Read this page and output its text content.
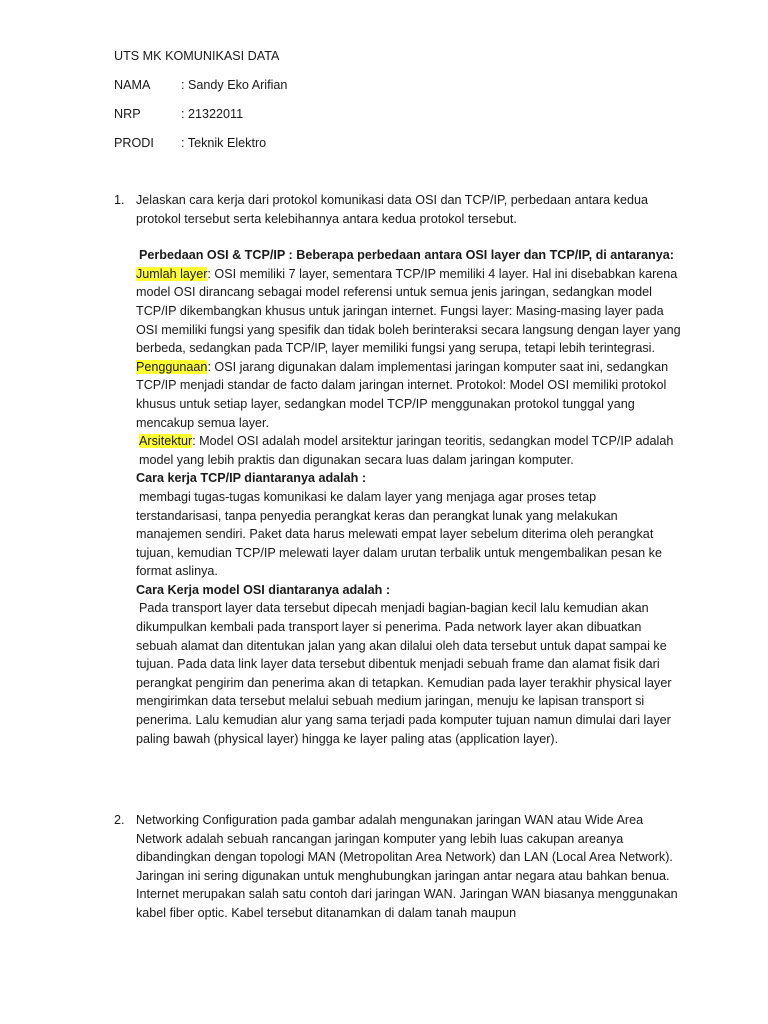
UTS MK KOMUNIKASI DATA
NAMA	: Sandy Eko Arifian
NRP	: 21322011
PRODI	: Teknik Elektro
1. Jelaskan cara kerja dari protokol komunikasi data OSI dan TCP/IP, perbedaan antara kedua protokol tersebut serta kelebihannya antara kedua protokol tersebut.

Perbedaan OSI & TCP/IP : Beberapa perbedaan antara OSI layer dan TCP/IP, di antaranya:

Jumlah layer: OSI memiliki 7 layer, sementara TCP/IP memiliki 4 layer. Hal ini disebabkan karena model OSI dirancang sebagai model referensi untuk semua jenis jaringan, sedangkan model TCP/IP dikembangkan khusus untuk jaringan internet. Fungsi layer: Masing-masing layer pada OSI memiliki fungsi yang spesifik dan tidak boleh berinteraksi secara langsung dengan layer yang berbeda, sedangkan pada TCP/IP, layer memiliki fungsi yang serupa, tetapi lebih terintegrasi.

Penggunaan: OSI jarang digunakan dalam implementasi jaringan komputer saat ini, sedangkan TCP/IP menjadi standar de facto dalam jaringan internet. Protokol: Model OSI memiliki protokol khusus untuk setiap layer, sedangkan model TCP/IP menggunakan protokol tunggal yang mencakup semua layer.

Arsitektur: Model OSI adalah model arsitektur jaringan teoritis, sedangkan model TCP/IP adalah model yang lebih praktis dan digunakan secara luas dalam jaringan komputer.

Cara kerja TCP/IP diantaranya adalah :

membagi tugas-tugas komunikasi ke dalam layer yang menjaga agar proses tetap terstandarisasi, tanpa penyedia perangkat keras dan perangkat lunak yang melakukan manajemen sendiri. Paket data harus melewati empat layer sebelum diterima oleh perangkat tujuan, kemudian TCP/IP melewati layer dalam urutan terbalik untuk mengembalikan pesan ke format aslinya.

Cara Kerja model OSI diantaranya adalah :

Pada transport layer data tersebut dipecah menjadi bagian-bagian kecil lalu kemudian akan dikumpulkan kembali pada transport layer si penerima. Pada network layer akan dibuatkan sebuah alamat dan ditentukan jalan yang akan dilalui oleh data tersebut untuk dapat sampai ke tujuan. Pada data link layer data tersebut dibentuk menjadi sebuah frame dan alamat fisik dari perangkat pengirim dan penerima akan di tetapkan. Kemudian pada layer terakhir physical layer mengirimkan data tersebut melalui sebuah medium jaringan, menuju ke lapisan transport si penerima. Lalu kemudian alur yang sama terjadi pada komputer tujuan namun dimulai dari layer paling bawah (physical layer) hingga ke layer paling atas (application layer).

2. Networking Configuration pada gambar adalah mengunakan jaringan WAN atau Wide Area Network adalah sebuah rancangan jaringan komputer yang lebih luas cakupan areanya dibandingkan dengan topologi MAN (Metropolitan Area Network) dan LAN (Local Area Network). Jaringan ini sering digunakan untuk menghubungkan jaringan antar negara atau bahkan benua. Internet merupakan salah satu contoh dari jaringan WAN. Jaringan WAN biasanya menggunakan kabel fiber optic. Kabel tersebut ditanamkan di dalam tanah maupun
